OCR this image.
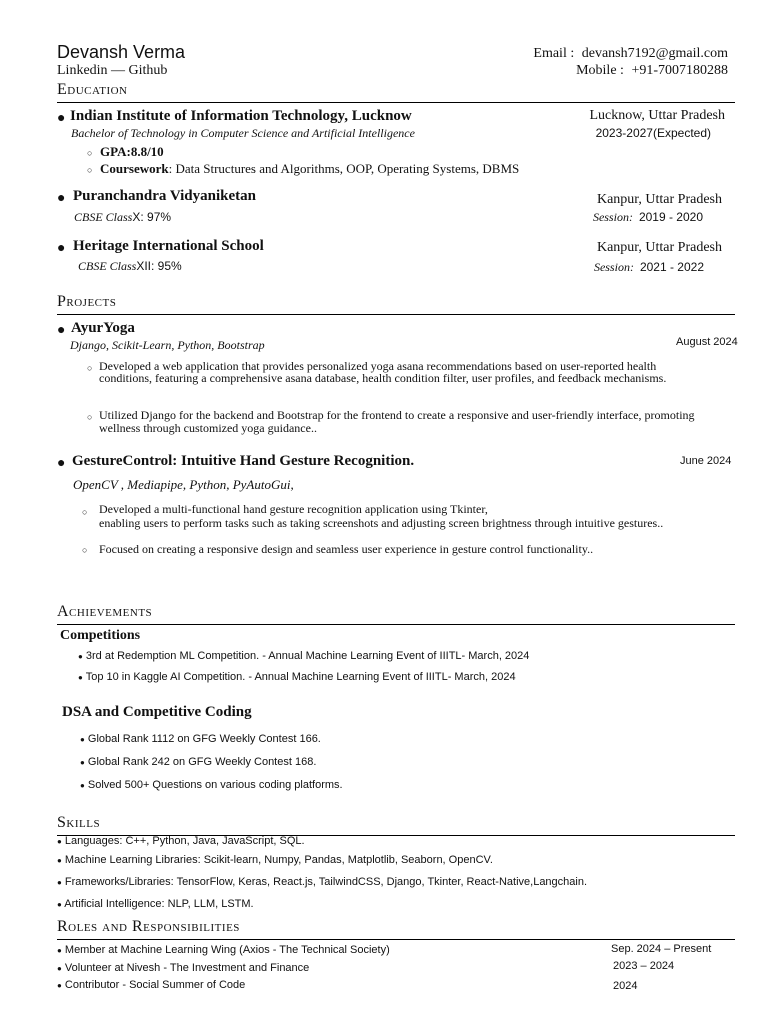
Devansh Verma
Linkedin — Github
Email : devansh7192@gmail.com
Mobile : +91-7007180288
Education
● Indian Institute of Information Technology, Lucknow	Lucknow, Uttar Pradesh
Bachelor of Technology in Computer Science and Artificial Intelligence	2023-2027(Expected)
○ GPA:8.8/10
○ Coursework: Data Structures and Algorithms, OOP, Operating Systems, DBMS
● Puranchandra Vidyaniketan	Kanpur, Uttar Pradesh
CBSE ClassX: 97%	Session: 2019 - 2020
● Heritage International School	Kanpur, Uttar Pradesh
CBSE ClassXII: 95%	Session: 2021 - 2022
Projects
● AyurYoga
August 2024
Django, Scikit-Learn, Python, Bootstrap
○ Developed a web application that provides personalized yoga asana recommendations based on user-reported health conditions, featuring a comprehensive asana database, health condition filter, user profiles, and feedback mechanisms.
○ Utilized Django for the backend and Bootstrap for the frontend to create a responsive and user-friendly interface, promoting wellness through customized yoga guidance..
● GestureControl: Intuitive Hand Gesture Recognition.	June 2024
OpenCV , Mediapipe, Python, PyAutoGui,
○ Developed a multi-functional hand gesture recognition application using Tkinter,
enabling users to perform tasks such as taking screenshots and adjusting screen brightness through intuitive gestures..
○ Focused on creating a responsive design and seamless user experience in gesture control functionality..
Achievements
Competitions
● 3rd at Redemption ML Competition. - Annual Machine Learning Event of IIITL- March, 2024
● Top 10 in Kaggle AI Competition. - Annual Machine Learning Event of IIITL- March, 2024
DSA and Competitive Coding
● Global Rank 1112 on GFG Weekly Contest 166.
● Global Rank 242 on GFG Weekly Contest 168.
● Solved 500+ Questions on various coding platforms.
Skills
● Languages: C++, Python, Java, JavaScript, SQL.
● Machine Learning Libraries: Scikit-learn, Numpy, Pandas, Matplotlib, Seaborn, OpenCV.
● Frameworks/Libraries: TensorFlow, Keras, React.js, TailwindCSS, Django, Tkinter, React-Native,Langchain.
● Artificial Intelligence: NLP, LLM, LSTM.
Roles and Responsibilities
● Member at Machine Learning Wing (Axios - The Technical Society)	Sep. 2024 – Present
● Volunteer at Nivesh - The Investment and Finance	2023 – 2024
● Contributor - Social Summer of Code	2024
